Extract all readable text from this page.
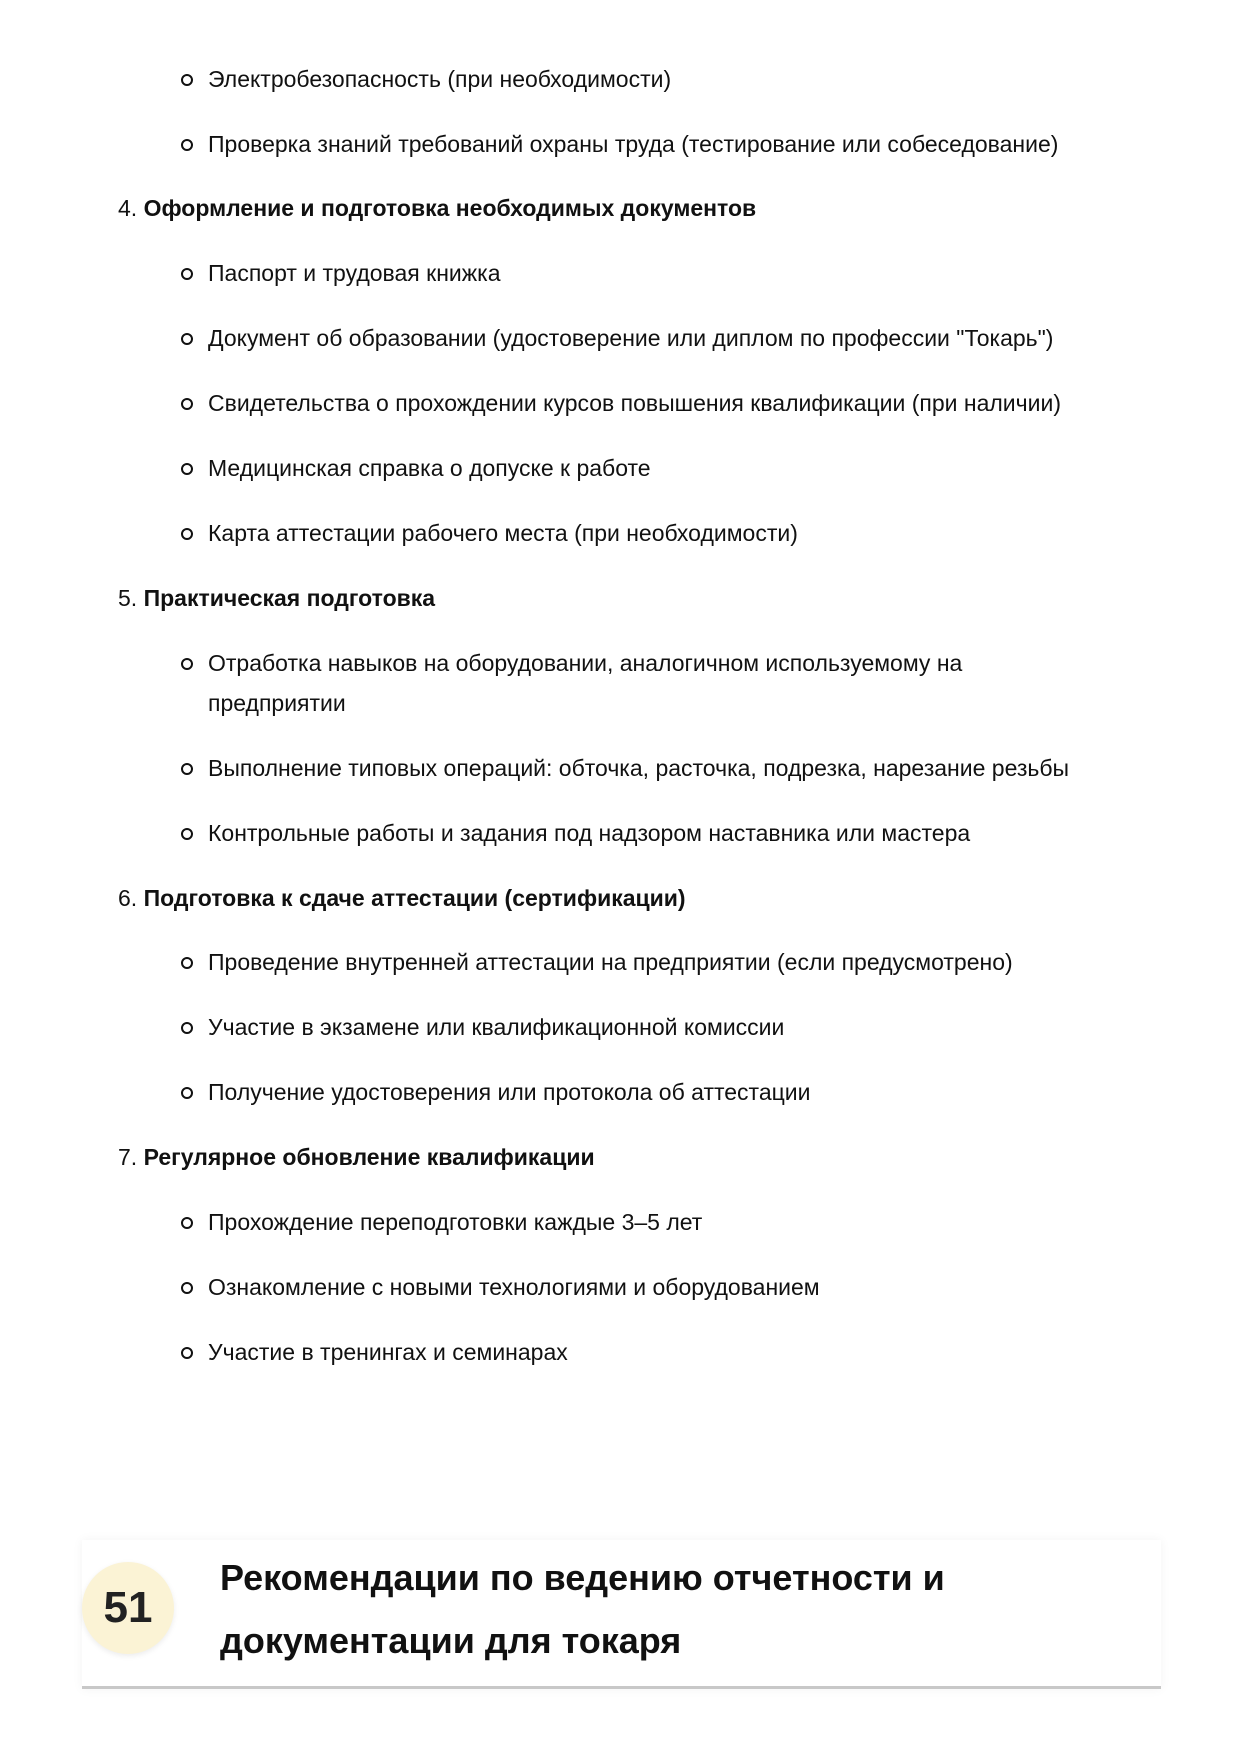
Электробезопасность (при необходимости)
Проверка знаний требований охраны труда (тестирование или собеседование)
4. Оформление и подготовка необходимых документов
Паспорт и трудовая книжка
Документ об образовании (удостоверение или диплом по профессии "Токарь")
Свидетельства о прохождении курсов повышения квалификации (при наличии)
Медицинская справка о допуске к работе
Карта аттестации рабочего места (при необходимости)
5. Практическая подготовка
Отработка навыков на оборудовании, аналогичном используемому на
предприятии
Выполнение типовых операций: обточка, расточка, подрезка, нарезание резьбы
Контрольные работы и задания под надзором наставника или мастера
6. Подготовка к сдаче аттестации (сертификации)
Проведение внутренней аттестации на предприятии (если предусмотрено)
Участие в экзамене или квалификационной комиссии
Получение удостоверения или протокола об аттестации
7. Регулярное обновление квалификации
Прохождение переподготовки каждые 3–5 лет
Ознакомление с новыми технологиями и оборудованием
Участие в тренингах и семинарах
51
Рекомендации по ведению отчетности и
документации для токаря
